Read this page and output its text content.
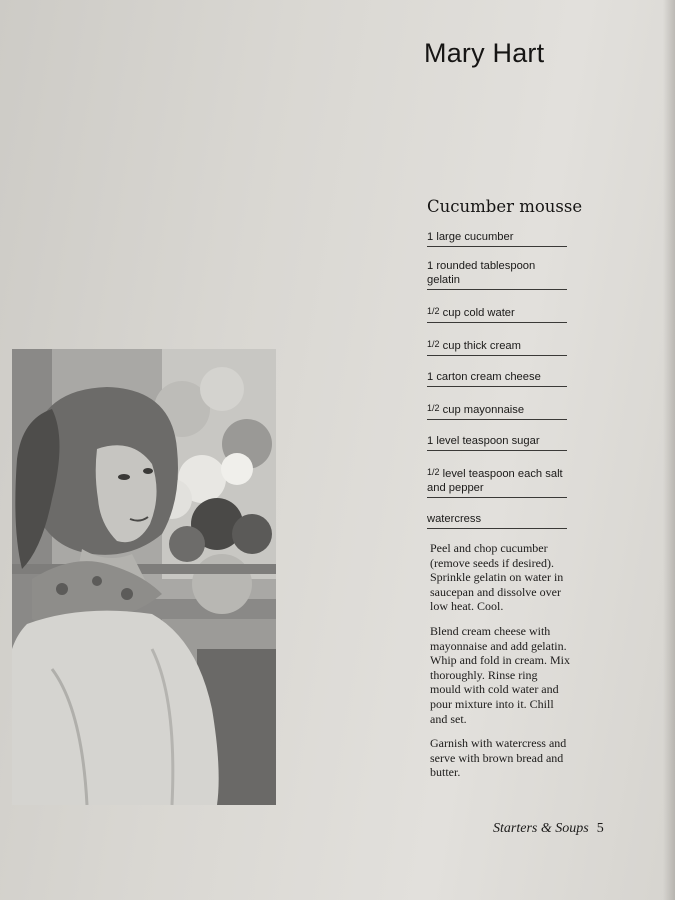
Mary Hart
Cucumber mousse
1 large cucumber
1 rounded tablespoon gelatin
1/2 cup cold water
1/2 cup thick cream
1 carton cream cheese
1/2 cup mayonnaise
1 level teaspoon sugar
1/2 level teaspoon each salt and pepper
watercress

Peel and chop cucumber (remove seeds if desired). Sprinkle gelatin on water in saucepan and dissolve over low heat. Cool.

Blend cream cheese with mayonnaise and add gelatin. Whip and fold in cream. Mix thoroughly. Rinse ring mould with cold water and pour mixture into it. Chill and set.

Garnish with watercress and serve with brown bread and butter.

Starters & Soups 5
